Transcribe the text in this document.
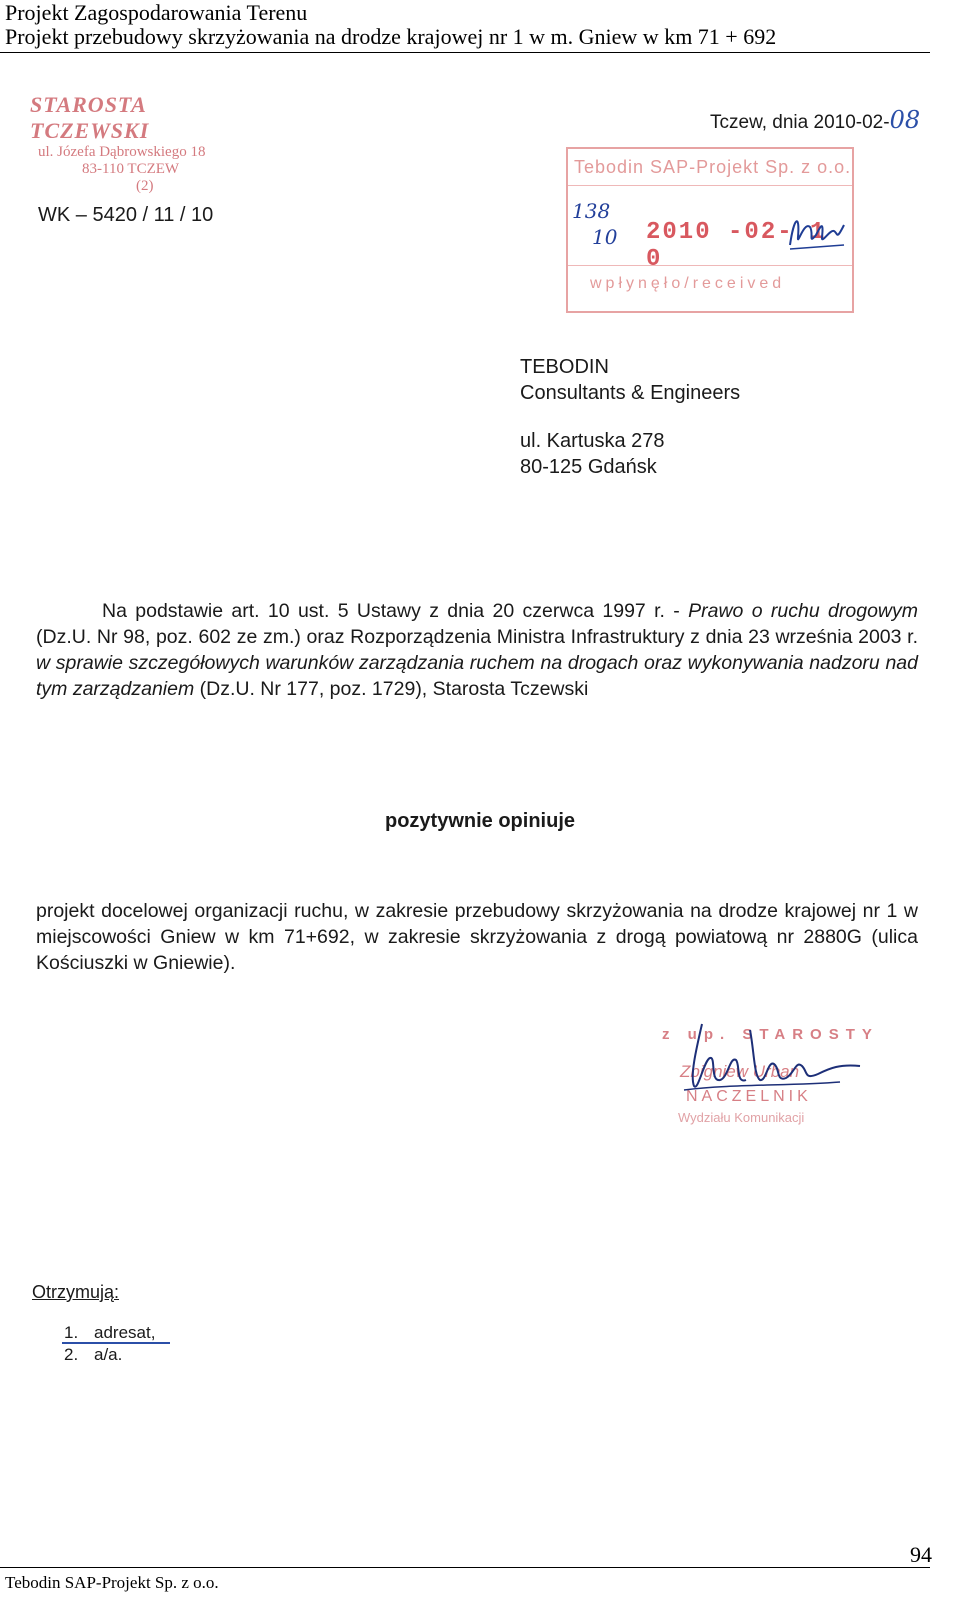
Projekt Zagospodarowania Terenu
Projekt przebudowy skrzyżowania na drodze krajowej nr 1 w m. Gniew w km 71 + 692
STAROSTA TCZEWSKI
ul. Józefa Dąbrowskiego 18
83-110 TCZEW
(2)
WK – 5420 / 11 / 10
Tczew, dnia 2010-02-08
Tebodin SAP-Projekt Sp. z o.o.
138
10 2010 -02- 1 0
wpłynęło/received

TEBODIN

Consultants & Engineers

ul. Kartuska 278

80-125 Gdańsk

Na podstawie art. 10 ust. 5 Ustawy z dnia 20 czerwca 1997 r. - Prawo o ruchu drogowym (Dz.U. Nr 98, poz. 602 ze zm.) oraz Rozporządzenia Ministra Infrastruktury z dnia 23 września 2003 r. w sprawie szczegółowych warunków zarządzania ruchem na drogach oraz wykonywania nadzoru nad tym zarządzaniem (Dz.U. Nr 177, poz. 1729), Starosta Tczewski
pozytywnie opiniuje
projekt docelowej organizacji ruchu, w zakresie przebudowy skrzyżowania na drodze krajowej nr 1 w miejscowości Gniew w km 71+692, w zakresie skrzyżowania z drogą powiatową nr 2880G (ulica Kościuszki w Gniewie).
z up. STAROSTY
Zbigniew Urban
NACZELNIK
Wydziału Komunikacji
Otrzymują:
1. adresat,
2. a/a.
94
Tebodin SAP-Projekt Sp. z o.o.
